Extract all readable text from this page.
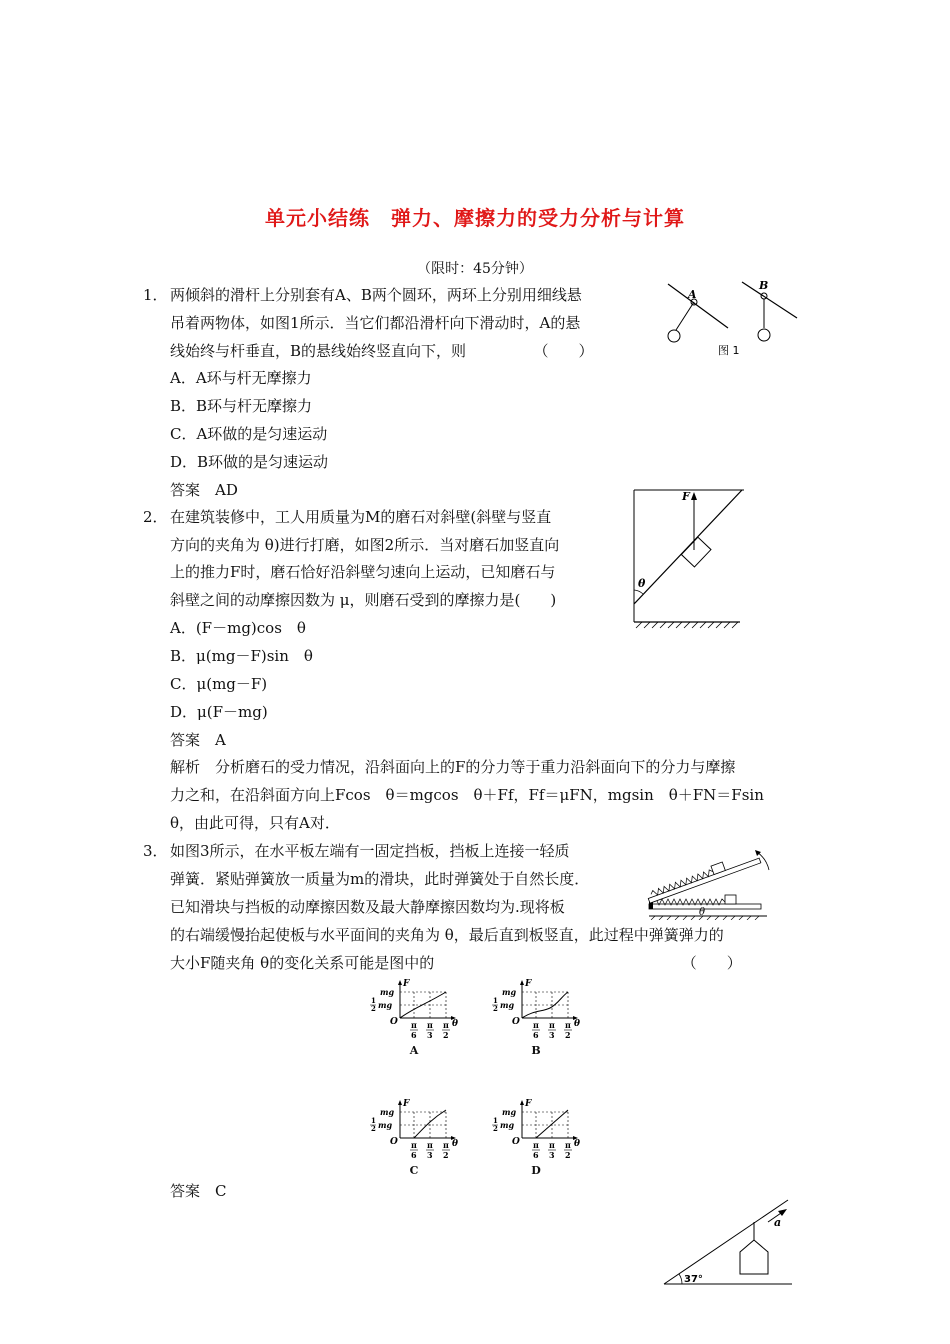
单元小结练　弹力、摩擦力的受力分析与计算
（限时：45分钟）
1． 两倾斜的滑杆上分别套有A、B两个圆环，两环上分别用细线悬
吊着两物体，如图1所示．当它们都沿滑杆向下滑动时，A的悬
线始终与杆垂直，B的悬线始终竖直向下，则　　　　　（　　）
A．A环与杆无摩擦力
B．B环与杆无摩擦力
C．A环做的是匀速运动
D．B环做的是匀速运动
答案　AD
A
B
图 1
2． 在建筑装修中，工人用质量为M的磨石对斜壁(斜壁与竖直
方向的夹角为 θ)进行打磨，如图2所示．当对磨石加竖直向
上的推力F时，磨石恰好沿斜壁匀速向上运动，已知磨石与
斜壁之间的动摩擦因数为 μ，则磨石受到的摩擦力是(　　)
A．(F－mg)cos　θ
B．μ(mg－F)sin　θ
C．μ(mg－F)
D．μ(F－mg)
答案　A
解析　分析磨石的受力情况，沿斜面向上的F的分力等于重力沿斜面向下的分力与摩擦
力之和，在沿斜面方向上Fcos　θ＝mgcos　θ＋Ff，Ff＝μFN，mgsin　θ＋FN＝Fsin
θ，由此可得，只有A对．
F
θ
3． 如图3所示，在水平板左端有一固定挡板，挡板上连接一轻质
弹簧．紧贴弹簧放一质量为m的滑块，此时弹簧处于自然长度．
已知滑块与挡板的动摩擦因数及最大静摩擦因数均为.现将板
的右端缓慢抬起使板与水平面间的夹角为 θ，最后直到板竖直，此过程中弹簧弹力的
大小F随夹角 θ的变化关系可能是图中的　　　　　　　　　　　　　　　　　（　　）
θ
π
6
π
3
π
2
F
θ
O
mg
1
2 mg
A
π
6
π
3
π
2
F
θ
O
mg
1
2 mg
B
π
6
π
3
π
2
F
θ
O
mg
1
2 mg
C
π
6
π
3
π
2
F
θ
O
mg
1
2 mg
D
答案　C
37°
a
